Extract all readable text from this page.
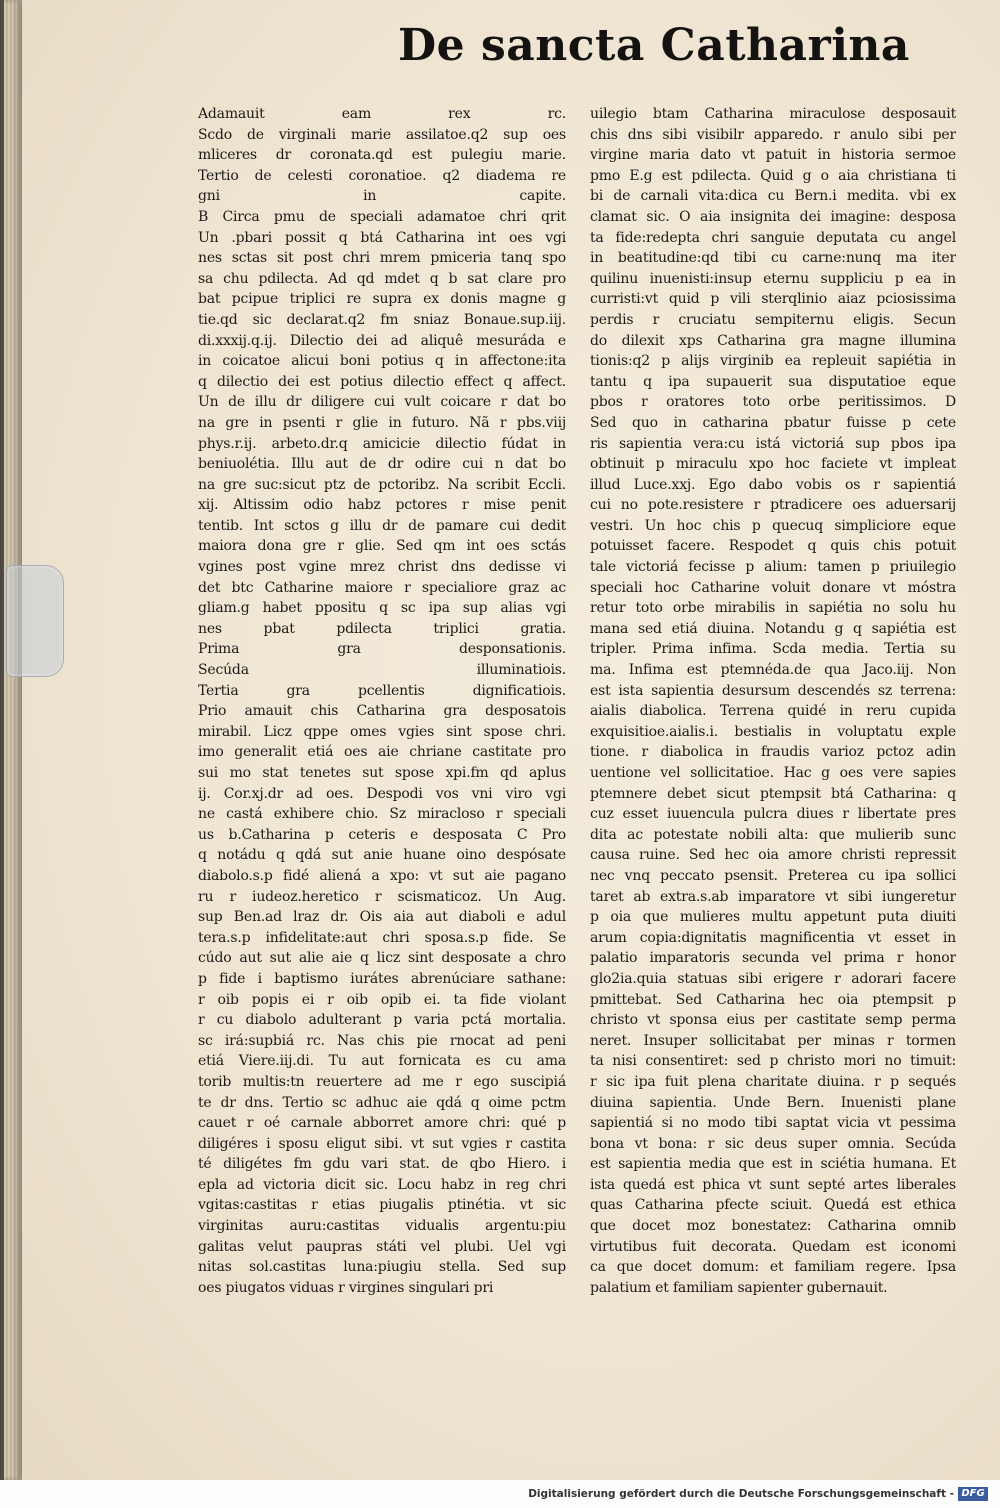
De sancta Catharina
Adamauit eam rex rc.
Scdo de virginali marie assilatoe.q2 sup oes
mliceres dr coronata.qd est pulegiu marie.
Tertio de celesti coronatioe. q2 diadema re
gni in capite.
B Circa pmu de speciali adamatoe chri qrit
Un .pbari possit q btá Catharina int oes vgi
nes sctas sit post chri mrem pmiceria tanq spo
sa chu pdilecta. Ad qd mdet q b sat clare pro
bat pcipue triplici re supra ex donis magne g
tie.qd sic declarat.q2 fm sniaz Bonaue.sup.iij.
di.xxxij.q.ij. Dilectio dei ad aliquê mesuráda e
in coicatoe alicui boni potius q in affectone:ita
q dilectio dei est potius dilectio effect q affect.
Un de illu dr diligere cui vult coicare r dat bo
na gre in psenti r glie in futuro. Nã r pbs.viij
phys.r.ij. arbeto.dr.q amicicie dilectio fúdat in
beniuolétia. Illu aut de dr odire cui n dat bo
na gre suc:sicut ptz de pctoribz. Na scribit Eccli.
xij. Altissim odio habz pctores r mise penit
tentib. Int sctos g illu dr de pamare cui dedit
maiora dona gre r glie. Sed qm int oes sctás
vgines post vgine mrez christ dns dedisse vi
det btc Catharine maiore r specialiore graz ac
gliam.g habet ppositu q sc ipa sup alias vgi
nes pbat pdilecta triplici gratia.
Prima gra desponsationis.
Secúda illuminatiois.
Tertia gra pcellentis dignificatiois.
Prio amauit chis Catharina gra desposatois
mirabil. Licz qppe omes vgies sint spose chri.
imo generalit etiá oes aie chriane castitate pro
sui mo stat tenetes sut spose xpi.fm qd aplus
ij. Cor.xj.dr ad oes. Despodi vos vni viro vgi
ne castá exhibere chio. Sz miracloso r speciali
us b.Catharina p ceteris e desposata C Pro
q notádu q qdá sut anie huane oino despósate
diabolo.s.p fidé aliená a xpo: vt sut aie pagano
ru r iudeoz.heretico r scismaticoz. Un Aug.
sup Ben.ad lraz dr. Ois aia aut diaboli e adul
tera.s.p infidelitate:aut chri sposa.s.p fide. Se
cúdo aut sut alie aie q licz sint desposate a chro
p fide i baptismo iurátes abrenúciare sathane:
r oib popis ei r oib opib ei. ta fide violant
r cu diabolo adulterant p varia pctá mortalia.
sc irá:supbiá rc. Nas chis pie rnocat ad peni
etiá Viere.iij.di. Tu aut fornicata es cu ama
torib multis:tn reuertere ad me r ego suscipiá
te dr dns. Tertio sc adhuc aie qdá q oime pctm
cauet r oé carnale abborret amore chri: qué p
diligéres i sposu eligut sibi. vt sut vgies r castita
té diligétes fm gdu vari stat. de qbo Hiero. i
epla ad victoria dicit sic. Locu habz in reg chri
vgitas:castitas r etias piugalis ptinétia. vt sic
virginitas auru:castitas vidualis argentu:piu
galitas velut paupras státi vel plubi. Uel vgi
nitas sol.castitas luna:piugiu stella. Sed sup
oes piugatos viduas r virgines singulari pri
uilegio btam Catharina miraculose desposauit
chis dns sibi visibilr apparedo. r anulo sibi per
virgine maria dato vt patuit in historia sermoe
pmo E.g est pdilecta. Quid g o aia christiana ti
bi de carnali vita:dica cu Bern.i medita. vbi ex
clamat sic. O aia insignita dei imagine: desposa
ta fide:redepta chri sanguie deputata cu angel
in beatitudine:qd tibi cu carne:nunq ma iter
quilinu inuenisti:insup eternu suppliciu p ea in
curristi:vt quid p vili sterqlinio aiaz pciosissima
perdis r cruciatu sempiternu eligis. Secun
do dilexit xps Catharina gra magne illumina
tionis:q2 p alijs virginib ea repleuit sapiétia in
tantu q ipa supauerit sua disputatioe eque
pbos r oratores toto orbe peritissimos. D
Sed quo in catharina pbatur fuisse p cete
ris sapientia vera:cu istá victoriá sup pbos ipa
obtinuit p miraculu xpo hoc faciete vt impleat
illud Luce.xxj. Ego dabo vobis os r sapientiá
cui no pote.resistere r ptradicere oes aduersarij
vestri. Un hoc chis p quecuq simpliciore eque
potuisset facere. Respodet q quis chis potuit
tale victoriá fecisse p alium: tamen p priuilegio
speciali hoc Catharine voluit donare vt móstra
retur toto orbe mirabilis in sapiétia no solu hu
mana sed etiá diuina. Notandu g q sapiétia est
tripler. Prima infima. Scda media. Tertia su
ma. Infima est ptemnéda.de qua Jaco.iij. Non
est ista sapientia desursum descendés sz terrena:
aialis diabolica. Terrena quidé in reru cupida
exquisitioe.aialis.i. bestialis in voluptatu exple
tione. r diabolica in fraudis varioz pctoz adin
uentione vel sollicitatioe. Hac g oes vere sapies
ptemnere debet sicut ptempsit btá Catharina: q
cuz esset iuuencula pulcra diues r libertate pres
dita ac potestate nobili alta: que mulierib sunc
causa ruine. Sed hec oia amore christi repressit
nec vnq peccato psensit. Preterea cu ipa sollici
taret ab extra.s.ab imparatore vt sibi iungeretur
p oia que mulieres multu appetunt puta diuiti
arum copia:dignitatis magnificentia vt esset in
palatio imparatoris secunda vel prima r honor
glo2ia.quia statuas sibi erigere r adorari facere
pmittebat. Sed Catharina hec oia ptempsit p
christo vt sponsa eius per castitate semp perma
neret. Insuper sollicitabat per minas r tormen
ta nisi consentiret: sed p christo mori no timuit:
r sic ipa fuit plena charitate diuina. r p sequés
diuina sapientia. Unde Bern. Inuenisti plane
sapientiá si no modo tibi saptat vicia vt pessima
bona vt bona: r sic deus super omnia. Secúda
est sapientia media que est in sciétia humana. Et
ista quedá est phica vt sunt septé artes liberales
quas Catharina pfecte sciuit. Quedá est ethica
que docet moz bonestatez: Catharina omnib
virtutibus fuit decorata. Quedam est iconomi
ca que docet domum: et familiam regere. Ipsa
palatium et familiam sapienter gubernauit.
Digitalisierung gefördert durch die Deutsche Forschungsgemeinschaft - DFG
